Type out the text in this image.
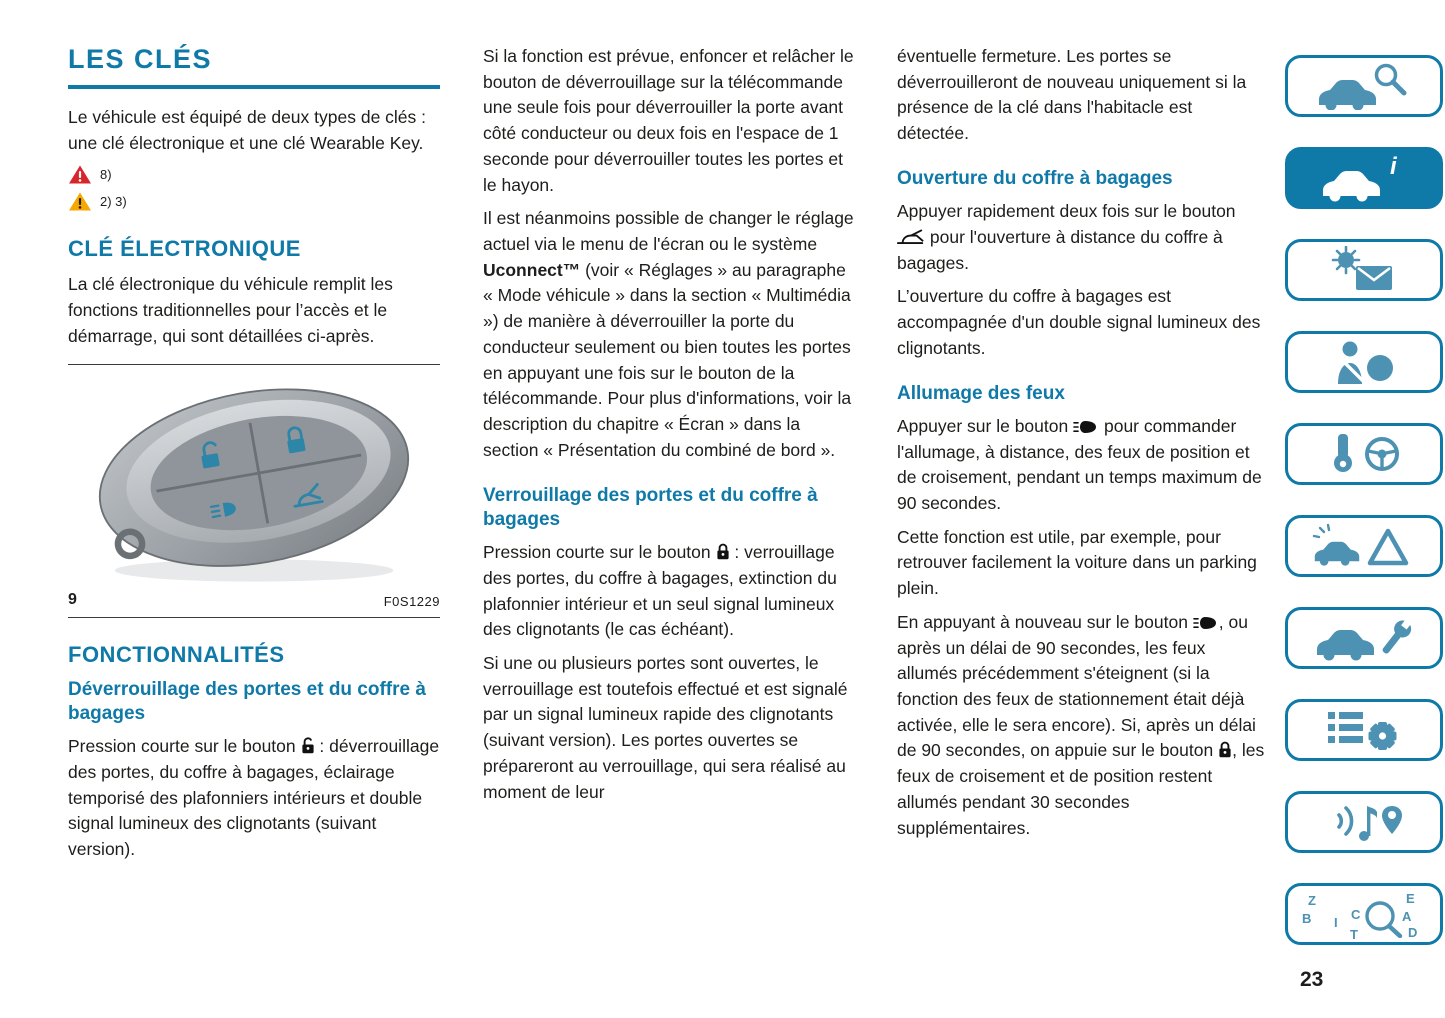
LES CLÉS

Le véhicule est équipé de deux types de clés : une clé électronique et une clé Wearable Key.

8)
2) 3)
CLÉ ÉLECTRONIQUE

La clé électronique du véhicule remplit les fonctions traditionnelles pour l’accès et le démarrage, qui sont détaillées ci-après.

9	F0S1229
FONCTIONNALITÉS
Déverrouillage des portes et du coffre à bagages

Pression courte sur le bouton : déverrouillage des portes, du coffre à bagages, éclairage temporisé des plafonniers intérieurs et double signal lumineux des clignotants (suivant version).

Si la fonction est prévue, enfoncer et relâcher le bouton de déverrouillage sur la télécommande une seule fois pour déverrouiller la porte avant côté conducteur ou deux fois en l'espace de 1 seconde pour déverrouiller toutes les portes et le hayon.

Il est néanmoins possible de changer le réglage actuel via le menu de l'écran ou le système Uconnect™ (voir « Réglages » au paragraphe « Mode véhicule » dans la section « Multimédia ») de manière à déverrouiller la porte du conducteur seulement ou bien toutes les portes en appuyant une fois sur le bouton de la télécommande. Pour plus d'informations, voir la description du chapitre « Écran » dans la section « Présentation du combiné de bord ».

Verrouillage des portes et du coffre à bagages

Pression courte sur le bouton : verrouillage des portes, du coffre à bagages, extinction du plafonnier intérieur et un seul signal lumineux des clignotants (le cas échéant).

Si une ou plusieurs portes sont ouvertes, le verrouillage est toutefois effectué et est signalé par un signal lumineux rapide des clignotants (suivant version). Les portes ouvertes se prépareront au verrouillage, qui sera réalisé au moment de leur

éventuelle fermeture. Les portes se déverrouilleront de nouveau uniquement si la présence de la clé dans l'habitacle est détectée.

Ouverture du coffre à bagages

Appuyer rapidement deux fois sur le bouton  pour l'ouverture à distance du coffre à bagages.

L’ouverture du coffre à bagages est accompagnée d'un double signal lumineux des clignotants.

Allumage des feux

Appuyer sur le bouton pour commander l'allumage, à distance, des feux de position et de croisement, pendant un temps maximum de 90 secondes.

Cette fonction est utile, par exemple, pour retrouver facilement la voiture dans un parking plein.

En appuyant à nouveau sur le bouton , ou après un délai de 90 secondes, les feux allumés précédemment s'éteignent (si la fonction des feux de stationnement était déjà activée, elle le sera encore). Si, après un délai de 90 secondes, on appuie sur le bouton , les feux de croisement et de position restent allumés pendant 30 secondes supplémentaires.

i
Z	E
B I
C
T
A
D
23
